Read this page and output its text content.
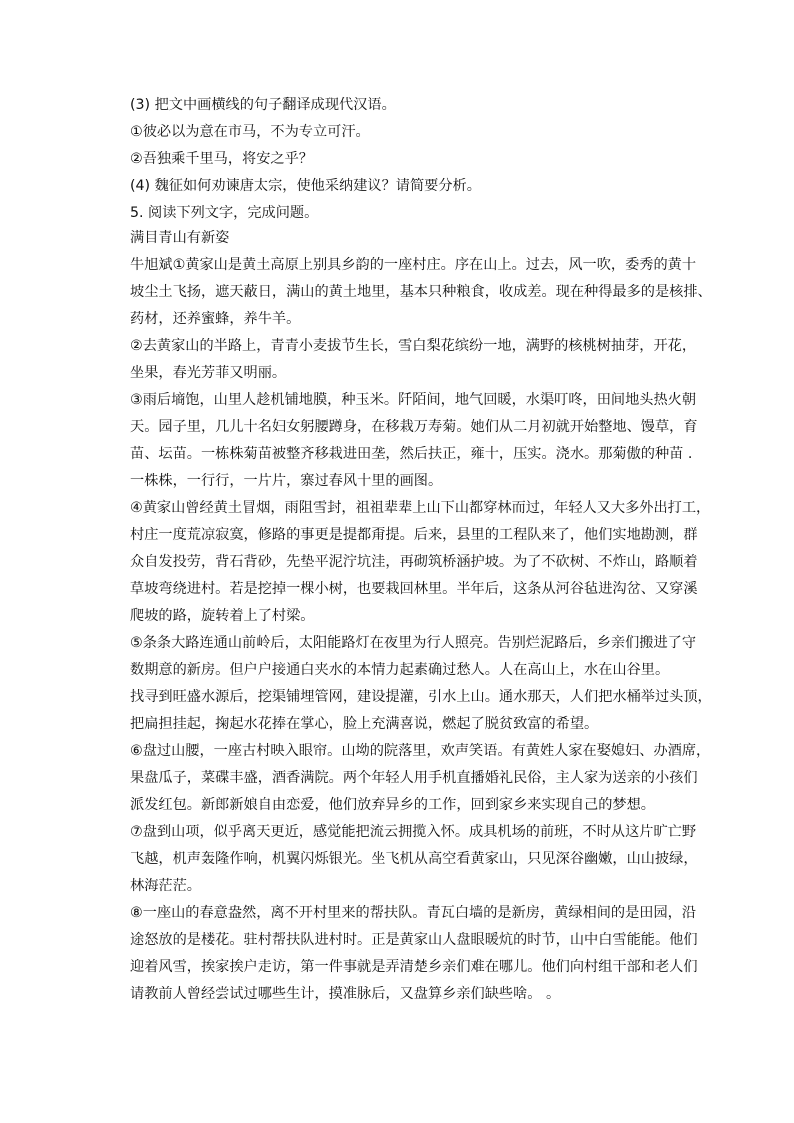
(3) 把文中画横线的句子翻译成现代汉语。

①彼必以为意在市马，不为专立可汗。

②吾独乘千里马，将安之乎？

(4) 魏征如何劝谏唐太宗，使他采纳建议？请简要分析。

5. 阅读下列文字，完成问题。

满目青山有新姿

牛旭斌①黄家山是黄土高原上别具乡韵的一座村庄。序在山上。过去，风一吹，委秀的黄十

坡尘土飞扬，遮天蔽日，满山的黄土地里，基本只种粮食，收成差。现在种得最多的是核排、

药材，还养蜜蜂，养牛羊。

②去黄家山的半路上，青青小麦拔节生长，雪白梨花缤纷一地，满野的核桃树抽芽，开花，

坐果，春光芳菲又明丽。

③雨后墒饱，山里人趁机铺地膜，种玉米。阡陌间，地气回暖，水渠叮咚，田间地头热火朝

天。园子里，几儿十名妇女躬腰蹲身，在移栽万寿菊。她们从二月初就开始整地、馒草，育

苗、坛苗。一栋株菊苗被整齐移栽进田垄，然后扶正，雍十，压实。浇水。那菊傲的种苗 .

一株株，一行行，一片片，寨过春风十里的画图。

④黄家山曾经黄土冒烟，雨阻雪封，祖祖辈辈上山下山都穿林而过，年轻人又大多外出打工，

村庄一度荒凉寂寞，修路的事更是提都甭提。后来，县里的工程队来了，他们实地勘测，群

众自发投劳，背石背砂，先垫平泥泞坑洼，再砌筑桥涵护坡。为了不砍树、不炸山，路顺着

草坡弯绕进村。若是挖掉一棵小树，也要栽回林里。半年后，这条从河谷毡进沟岔、又穿溪

爬坡的路，旋转着上了村梁。

⑤条条大路连通山前岭后，太阳能路灯在夜里为行人照亮。告别烂泥路后，乡亲们搬进了守

数期意的新房。但户户接通白夹水的本情力起素确过愁人。人在高山上，水在山谷里。

找寻到旺盛水源后，挖渠铺埋管网，建设提灌，引水上山。通水那天，人们把水桶举过头顶，

把扁担挂起，掬起水花捧在掌心，脸上充满喜说，燃起了脱贫致富的希望。

⑥盘过山腰，一座古村映入眼帘。山坳的院落里，欢声笑语。有黄姓人家在娶媳妇、办酒席，

果盘瓜子，菜碟丰盛，酒香满院。两个年轻人用手机直播婚礼民俗，主人家为送亲的小孩们

派发红包。新郎新娘自由恋爱，他们放弃异乡的工作，回到家乡来实现自己的梦想。

⑦盘到山项，似乎离天更近，感觉能把流云拥揽入怀。成具机场的前班，不时从这片旷亡野

飞越，机声轰隆作响，机翼闪烁银光。坐飞机从高空看黄家山，只见深谷幽嫩，山山披绿，

林海茫茫。

⑧一座山的春意盎然，离不开村里来的帮扶队。青瓦白墙的是新房，黄绿相间的是田园，沿

途怒放的是楼花。驻村帮扶队进村时。正是黄家山人盘眼暖炕的时节，山中白雪能能。他们

迎着风雪，挨家挨户走访，第一件事就是弄清楚乡亲们难在哪儿。他们向村组干部和老人们

请教前人曾经尝试过哪些生计，摸准脉后，又盘算乡亲们缺些啥。 。
